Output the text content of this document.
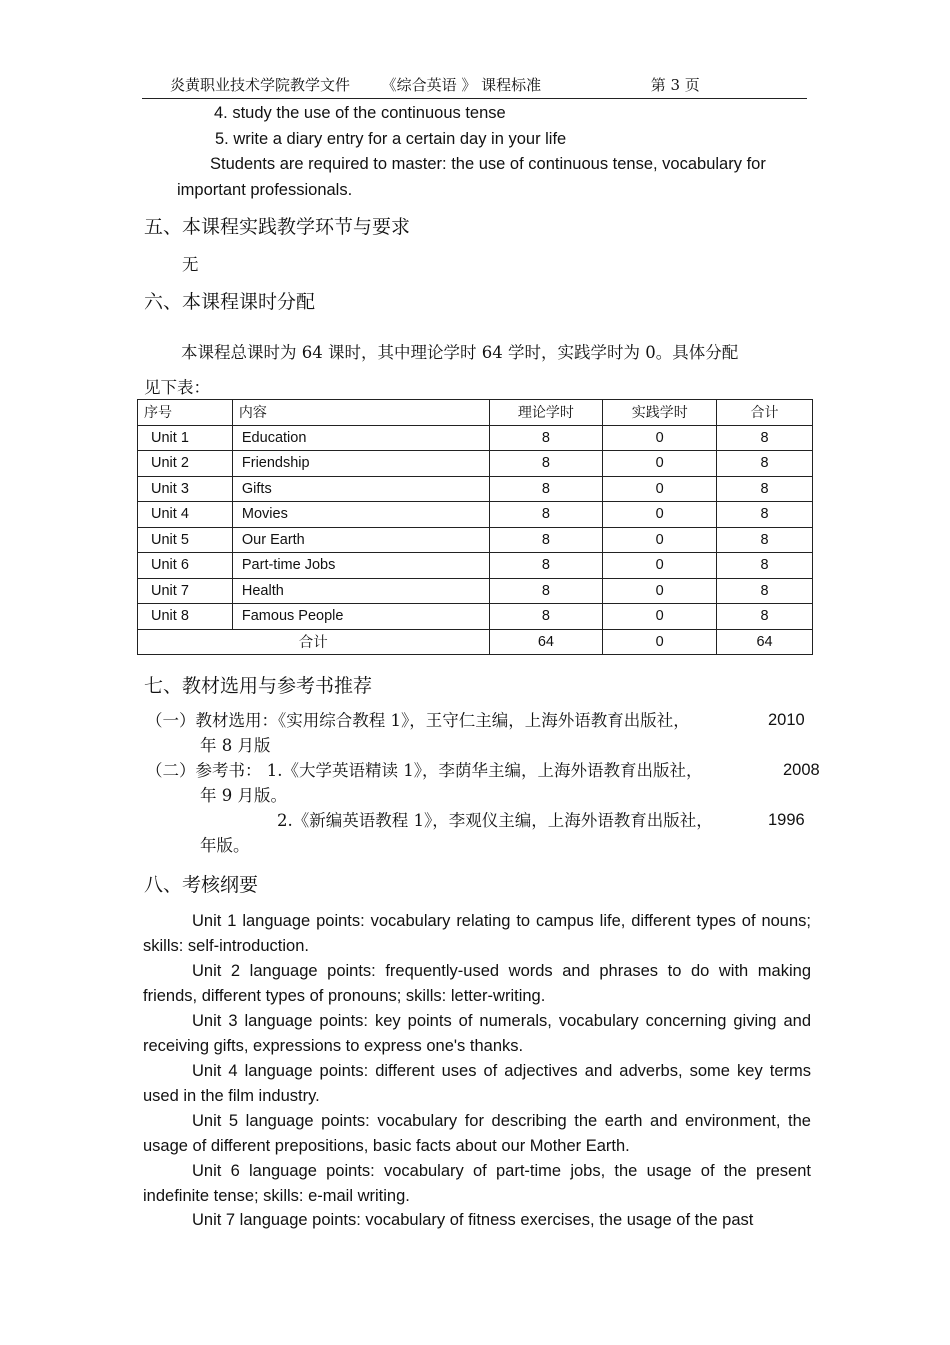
炎黄职业技术学院教学文件 《综合英语 》 课程标准	第 3 页
4. study the use of the continuous tense
5. write a diary entry for a certain day in your life
Students are required to master: the use of continuous tense, vocabulary for
important professionals.
五、本课程实践教学环节与要求
无
六、本课程课时分配
本课程总课时为 64 课时，其中理论学时 64 学时，实践学时为 0。具体分配
见下表：
序号	内容	理论学时	实践学时	合计
Unit 1	Education	8	0	8
Unit 2	Friendship	8	0	8
Unit 3	Gifts	8	0	8
Unit 4	Movies	8	0	8
Unit 5	Our Earth	8	0	8
Unit 6	Part-time Jobs	8	0	8
Unit 7	Health	8	0	8
Unit 8	Famous People	8	0	8
合计		64	0	64
七、教材选用与参考书推荐
（一）教材选用：《实用综合教程 1》，王守仁主编，上海外语教育出版社，	2010
年 8 月版
（二）参考书： 1.《大学英语精读 1》，李荫华主编，上海外语教育出版社，	2008
年 9 月版。
2.《新编英语教程 1》，李观仪主编，上海外语教育出版社，	1996
年版。
八、考核纲要
Unit 1 language points: vocabulary relating to campus life, different types of nouns; skills: self-introduction.
Unit 2 language points: frequently-used words and phrases to do with making friends, different types of pronouns; skills: letter-writing.
Unit 3 language points: key points of numerals, vocabulary concerning giving and receiving gifts, expressions to express one's thanks.
Unit 4 language points: different uses of adjectives and adverbs, some key terms used in the film industry.
Unit 5 language points: vocabulary for describing the earth and environment, the usage of different prepositions, basic facts about our Mother Earth.
Unit 6 language points: vocabulary of part-time jobs, the usage of the present indefinite tense; skills: e-mail writing.
Unit 7 language points: vocabulary of fitness exercises, the usage of the past
